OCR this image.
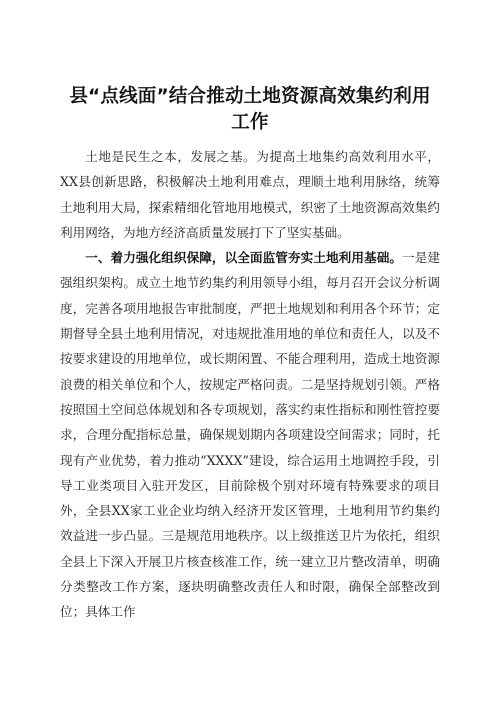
县“点线面”结合推动土地资源高效集约利用工作

土地是民生之本，发展之基。为提高土地集约高效利用水平，XX县创新思路，积极解决土地利用难点，理顺土地利用脉络，统筹土地利用大局，探索精细化管地用地模式，织密了土地资源高效集约利用网络，为地方经济高质量发展打下了坚实基础。

一、着力强化组织保障，以全面监管夯实土地利用基础。一是建强组织架构。成立土地节约集约利用领导小组，每月召开会议分析调度，完善各项用地报告审批制度，严把土地规划和利用各个环节；定期督导全县土地利用情况，对违规批准用地的单位和责任人，以及不按要求建设的用地单位，或长期闲置、不能合理利用，造成土地资源浪费的相关单位和个人，按规定严格问责。二是坚持规划引领。严格按照国土空间总体规划和各专项规划，落实约束性指标和刚性管控要求，合理分配指标总量，确保规划期内各项建设空间需求；同时，托现有产业优势，着力推动“XXXX”建设，综合运用土地调控手段，引导工业类项目入驻开发区，目前除极个别对环境有特殊要求的项目外，全县XX家工业企业均纳入经济开发区管理，土地利用节约集约效益进一步凸显。三是规范用地秩序。以上级推送卫片为依托，组织全县上下深入开展卫片核查核准工作，统一建立卫片整改清单，明确分类整改工作方案，逐块明确整改责任人和时限，确保全部整改到位；具体工作
